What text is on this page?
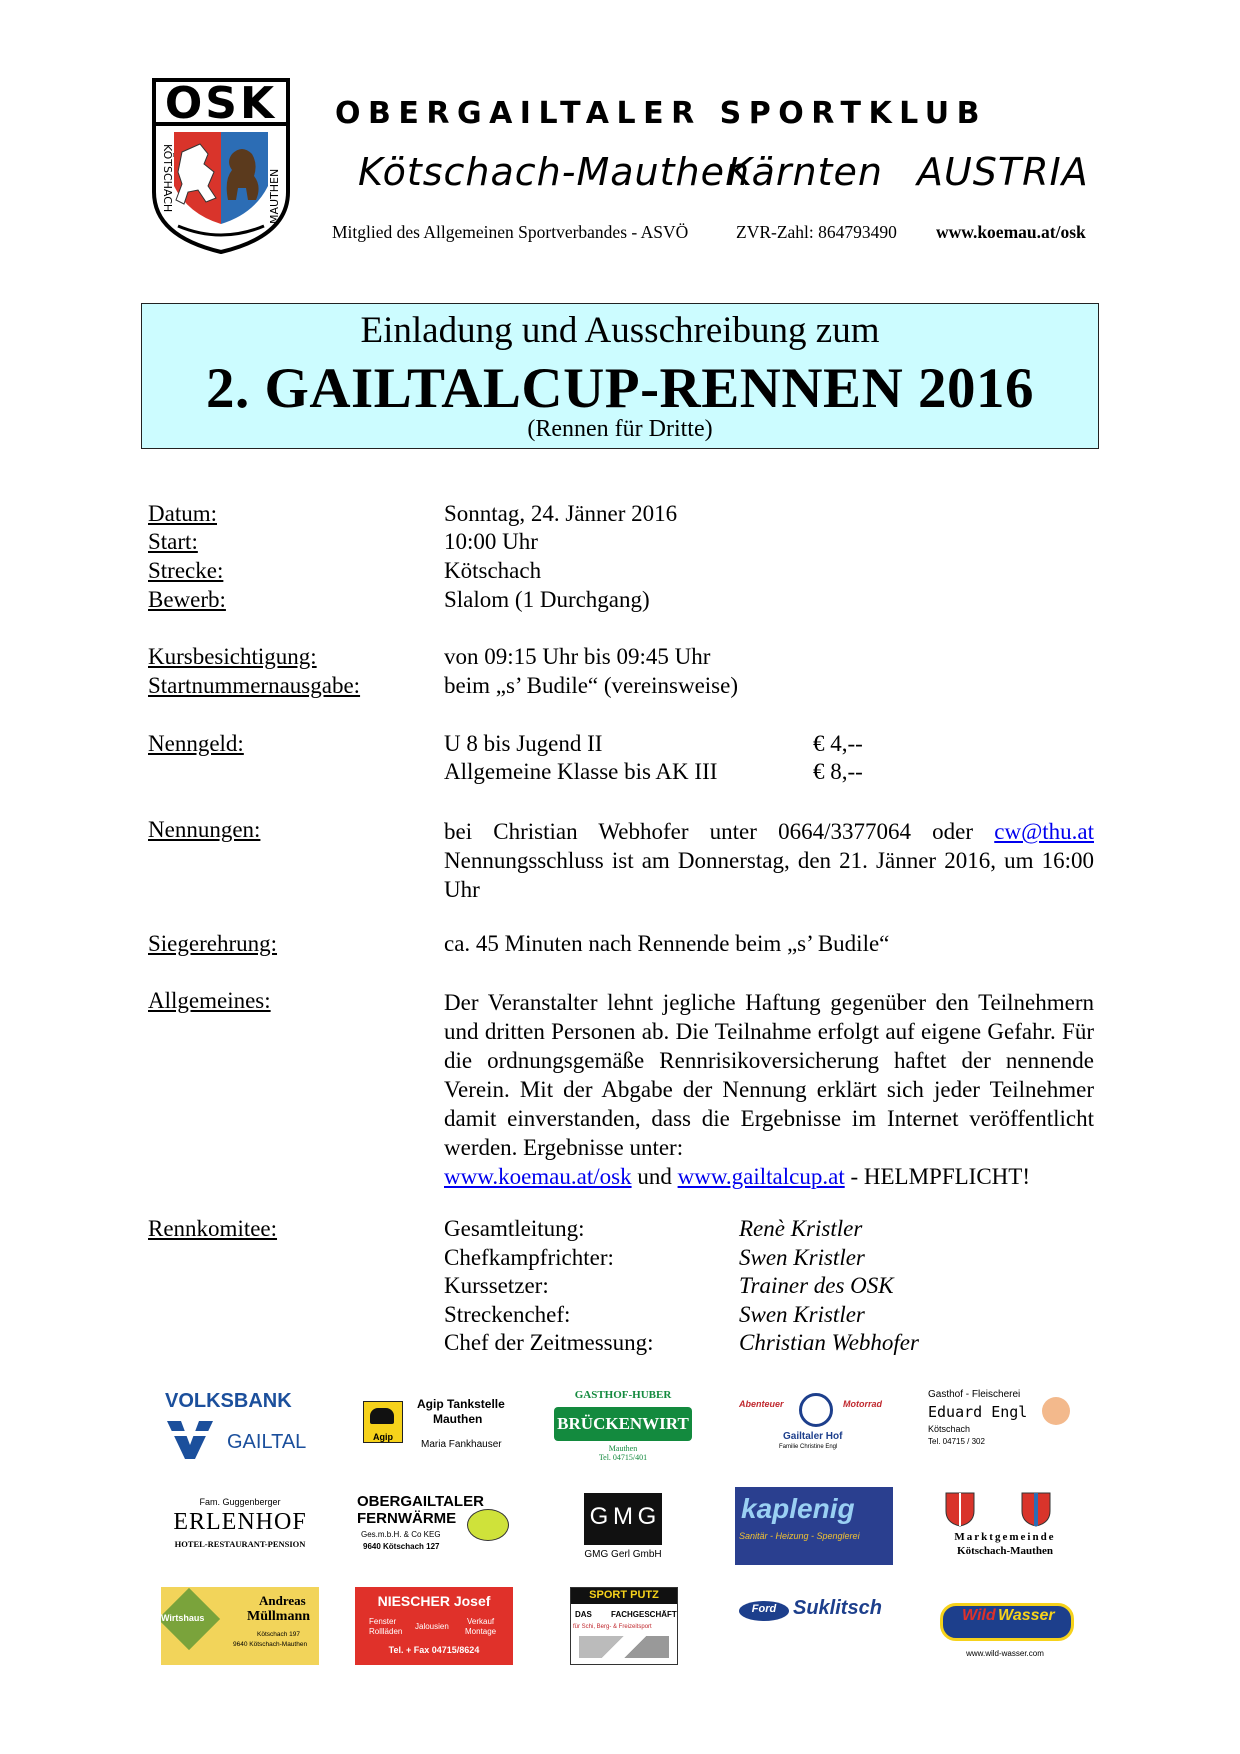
OSK
KÖTSCHACH	MAUTHEN
OBERGAILTALER SPORTKLUB
Kötschach-Mauthen
Kärnten AUSTRIA
Mitglied des Allgemeinen Sportverbandes - ASVÖ	ZVR-Zahl: 864793490 www.koemau.at/osk
Einladung und Ausschreibung zum
2. GAILTALCUP-RENNEN 2016
(Rennen für Dritte)
Datum:	Sonntag, 24. Jänner 2016
Start:	10:00 Uhr
Strecke:	Kötschach
Bewerb:	Slalom (1 Durchgang)
Kursbesichtigung:	von 09:15 Uhr bis 09:45 Uhr
Startnummernausgabe:	beim „s’ Budile“ (vereinsweise)
Nenngeld:	U 8 bis Jugend II	€ 4,--
Allgemeine Klasse bis AK III	€ 8,--
Nennungen:	bei Christian Webhofer unter 0664/3377064 oder cw@thu.at
Nennungsschluss ist am Donnerstag, den 21. Jänner 2016, um 16:00 Uhr
Siegerehrung:	ca. 45 Minuten nach Rennende beim „s’ Budile“
Allgemeines:	Der Veranstalter lehnt jegliche Haftung gegenüber den Teilnehmern und dritten Personen ab. Die Teilnahme erfolgt auf eigene Gefahr. Für die ordnungsgemäße Rennrisikoversicherung haftet der nennende Verein. Mit der Abgabe der Nennung erklärt sich jeder Teilnehmer damit einverstanden, dass die Ergebnisse im Internet veröffentlicht werden. Ergebnisse unter:
www.koemau.at/osk und www.gailtalcup.at - HELMPFLICHT!
Rennkomitee:	Gesamtleitung:	Renè Kristler
Chefkampfrichter:	Swen Kristler
Kurssetzer:	Trainer des OSK
Streckenchef:	Swen Kristler
Chef der Zeitmessung:	Christian Webhofer
VOLKSBANK
GAILTAL	Agip
Agip Tankstelle
Mauthen
Maria Fankhauser
GASTHOF-HUBER
BRÜCKENWIRT
Mauthen
Tel. 04715/401
Abenteuer	Motorrad
Gailtaler Hof
Familie Christine Engl
Gasthof - Fleischerei
Eduard Engl
Kötschach
Tel. 04715 / 302
Fam. Guggenberger
ERLENHOF
HOTEL-RESTAURANT-PENSION
OBERGAILTALER
FERNWÄRME
Ges.m.b.H. & Co KEG
9640 Kötschach 127
G M G
GMG Gerl GmbH
kaplenig
Sanitär - Heizung - Spenglerei	Marktgemeinde
Kötschach-Mauthen
Wirtshaus
Andreas
Müllmann
Kötschach 197
9640 Kötschach-Mauthen
NIESCHER Josef
Fenster
Rollläden
Jalousien
Verkauf
Montage
Tel. + Fax 04715/8624
SPORT PUTZ
DAS FACHGESCHÄFT
für Schi, Berg- & Freizeitsport
Ford Suklitsch	Wild Wasser
www.wild-wasser.com
